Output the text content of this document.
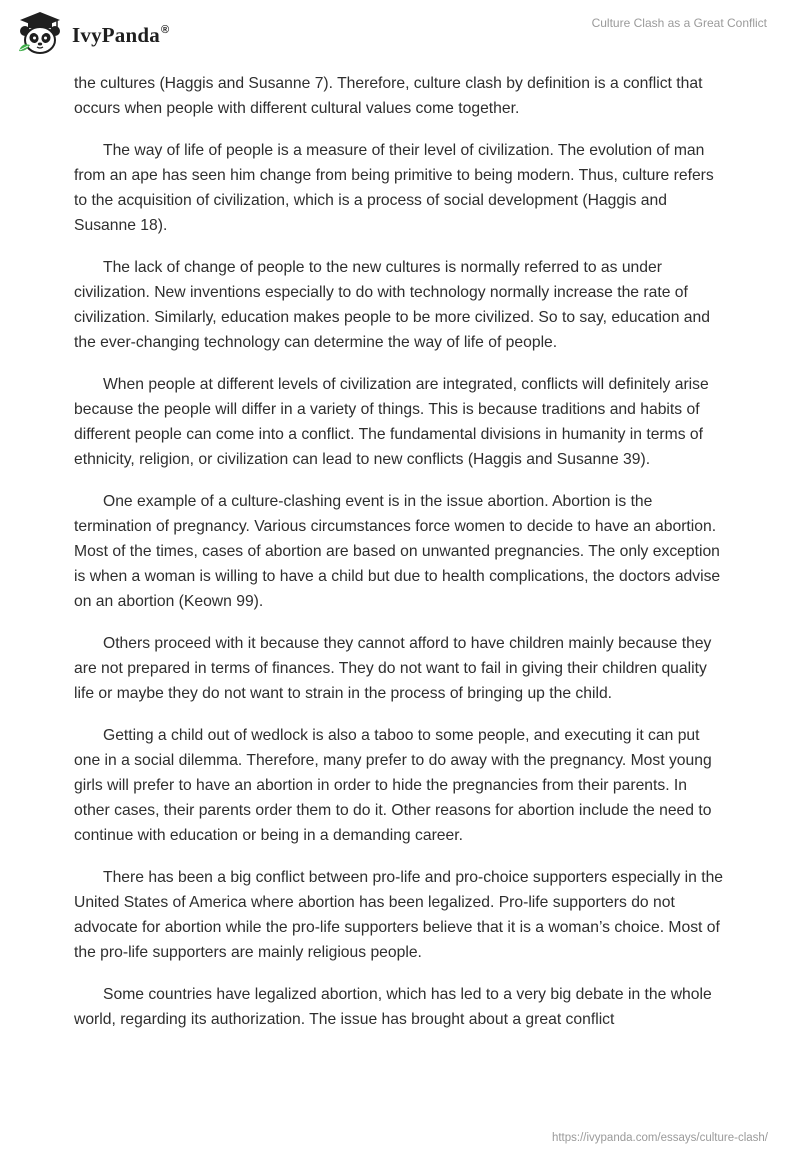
IvyPanda®	Culture Clash as a Great Conflict

the cultures (Haggis and Susanne 7). Therefore, culture clash by definition is a conflict that occurs when people with different cultural values come together.

The way of life of people is a measure of their level of civilization. The evolution of man from an ape has seen him change from being primitive to being modern. Thus, culture refers to the acquisition of civilization, which is a process of social development (Haggis and Susanne 18).

The lack of change of people to the new cultures is normally referred to as under civilization. New inventions especially to do with technology normally increase the rate of civilization. Similarly, education makes people to be more civilized. So to say, education and the ever-changing technology can determine the way of life of people.

When people at different levels of civilization are integrated, conflicts will definitely arise because the people will differ in a variety of things. This is because traditions and habits of different people can come into a conflict. The fundamental divisions in humanity in terms of ethnicity, religion, or civilization can lead to new conflicts (Haggis and Susanne 39).

One example of a culture-clashing event is in the issue abortion. Abortion is the termination of pregnancy. Various circumstances force women to decide to have an abortion. Most of the times, cases of abortion are based on unwanted pregnancies. The only exception is when a woman is willing to have a child but due to health complications, the doctors advise on an abortion (Keown 99).

Others proceed with it because they cannot afford to have children mainly because they are not prepared in terms of finances. They do not want to fail in giving their children quality life or maybe they do not want to strain in the process of bringing up the child.

Getting a child out of wedlock is also a taboo to some people, and executing it can put one in a social dilemma. Therefore, many prefer to do away with the pregnancy. Most young girls will prefer to have an abortion in order to hide the pregnancies from their parents. In other cases, their parents order them to do it. Other reasons for abortion include the need to continue with education or being in a demanding career.

There has been a big conflict between pro-life and pro-choice supporters especially in the United States of America where abortion has been legalized. Pro-life supporters do not advocate for abortion while the pro-life supporters believe that it is a woman’s choice. Most of the pro-life supporters are mainly religious people.

Some countries have legalized abortion, which has led to a very big debate in the whole world, regarding its authorization. The issue has brought about a great conflict

https://ivypanda.com/essays/culture-clash/
